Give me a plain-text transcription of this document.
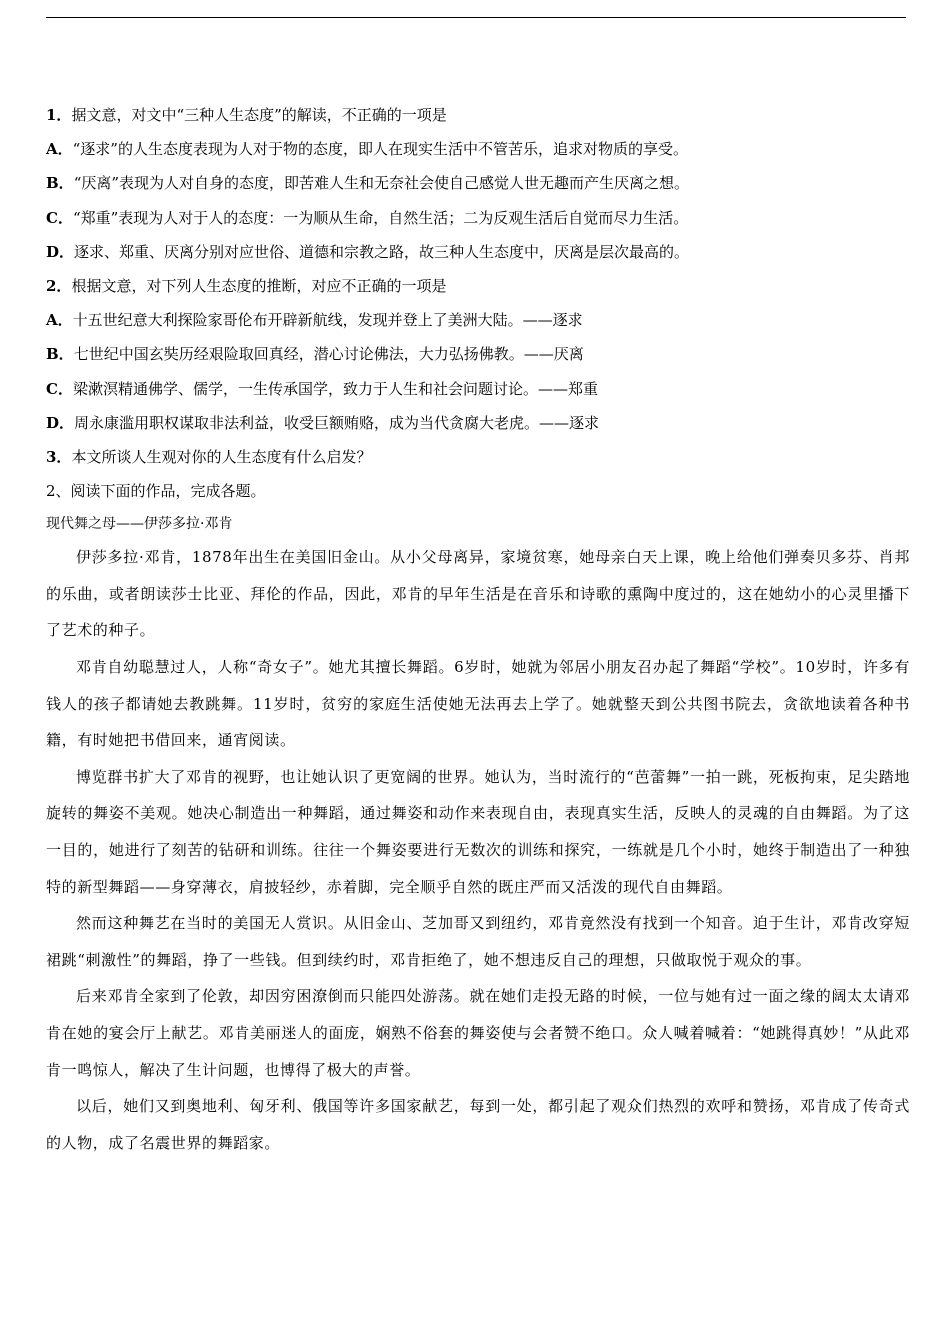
1．据文意，对文中“三种人生态度”的解读，不正确的一项是
A．“逐求”的人生态度表现为人对于物的态度，即人在现实生活中不管苦乐，追求对物质的享受。
B．“厌离”表现为人对自身的态度，即苦难人生和无奈社会使自己感觉人世无趣而产生厌离之想。
C．“郑重”表现为人对于人的态度：一为顺从生命，自然生活；二为反观生活后自觉而尽力生活。
D．逐求、郑重、厌离分别对应世俗、道德和宗教之路，故三种人生态度中，厌离是层次最高的。
2．根据文意，对下列人生态度的推断，对应不正确的一项是
A．十五世纪意大利探险家哥伦布开辟新航线，发现并登上了美洲大陆。——逐求
B．七世纪中国玄奘历经艰险取回真经，潜心讨论佛法，大力弘扬佛教。——厌离
C．梁漱溟精通佛学、儒学，一生传承国学，致力于人生和社会问题讨论。——郑重
D．周永康滥用职权谋取非法利益，收受巨额贿赂，成为当代贪腐大老虎。——逐求
3．本文所谈人生观对你的人生态度有什么启发？
2、阅读下面的作品，完成各题。
现代舞之母——伊莎多拉·邓肯

伊莎多拉·邓肯，1878年出生在美国旧金山。从小父母离异，家境贫寒，她母亲白天上课，晚上给他们弹奏贝多芬、肖邦的乐曲，或者朗读莎士比亚、拜伦的作品，因此，邓肯的早年生活是在音乐和诗歌的熏陶中度过的，这在她幼小的心灵里播下了艺术的种子。

邓肯自幼聪慧过人，人称“奇女子”。她尤其擅长舞蹈。6岁时，她就为邻居小朋友召办起了舞蹈“学校”。10岁时，许多有钱人的孩子都请她去教跳舞。11岁时，贫穷的家庭生活使她无法再去上学了。她就整天到公共图书院去，贪欲地读着各种书籍，有时她把书借回来，通宵阅读。

博览群书扩大了邓肯的视野，也让她认识了更宽阔的世界。她认为，当时流行的“芭蕾舞”一拍一跳，死板拘束，足尖踏地旋转的舞姿不美观。她决心制造出一种舞蹈，通过舞姿和动作来表现自由，表现真实生活，反映人的灵魂的自由舞蹈。为了这一目的，她进行了刻苦的钻研和训练。往往一个舞姿要进行无数次的训练和探究，一练就是几个小时，她终于制造出了一种独特的新型舞蹈——身穿薄衣，肩披轻纱，赤着脚，完全顺乎自然的既庄严而又活泼的现代自由舞蹈。

然而这种舞艺在当时的美国无人赏识。从旧金山、芝加哥又到纽约，邓肯竟然没有找到一个知音。迫于生计，邓肯改穿短裙跳“刺激性”的舞蹈，挣了一些钱。但到续约时，邓肯拒绝了，她不想违反自己的理想，只做取悦于观众的事。

后来邓肯全家到了伦敦，却因穷困潦倒而只能四处游荡。就在她们走投无路的时候，一位与她有过一面之缘的阔太太请邓肯在她的宴会厅上献艺。邓肯美丽迷人的面庞，娴熟不俗套的舞姿使与会者赞不绝口。众人喊着喊着：“她跳得真妙！”从此邓肯一鸣惊人，解决了生计问题，也博得了极大的声誉。

以后，她们又到奥地利、匈牙利、俄国等许多国家献艺，每到一处，都引起了观众们热烈的欢呼和赞扬，邓肯成了传奇式的人物，成了名震世界的舞蹈家。
